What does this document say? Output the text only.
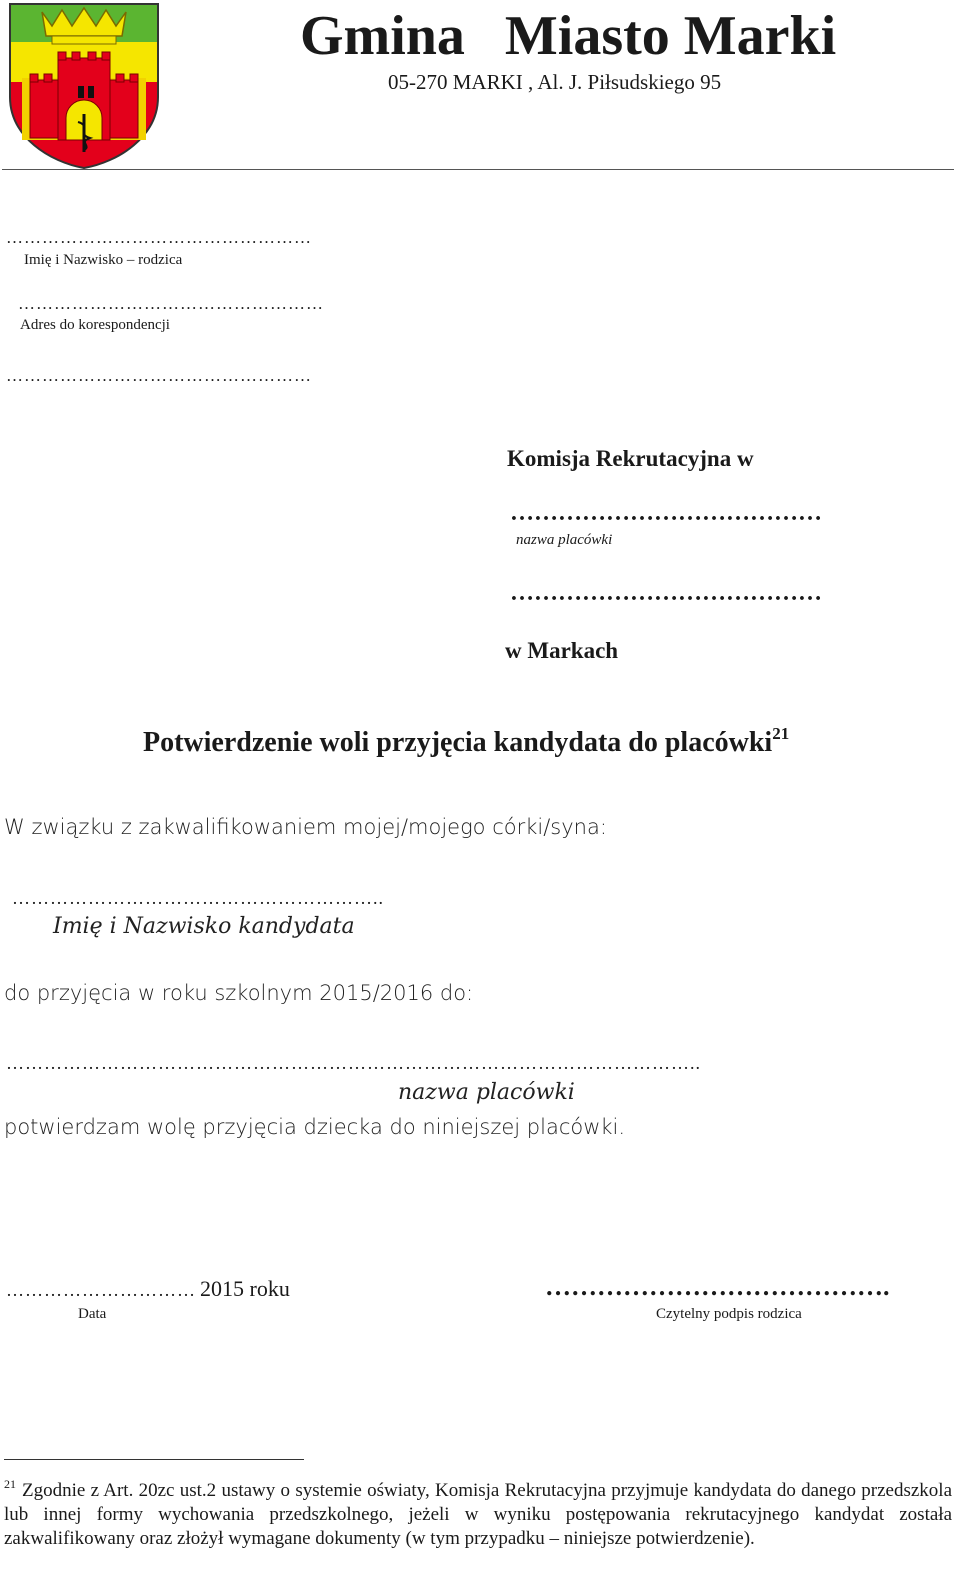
Gmina Miasto Marki
05-270 MARKI , Al. J. Piłsudskiego 95
……………………………………………
Imię i Nazwisko – rodzica
……………………………………………
Adres do korespondencji
……………………………………………
Komisja Rekrutacyjna w
…………………………………
nazwa placówki
…………………………………
w Markach
Potwierdzenie woli przyjęcia kandydata do placówki$^{21}$
W związku z zakwalifikowaniem mojej/mojego córki/syna:
…………………………………………………..
Imię i Nazwisko kandydata
do przyjęcia w roku szkolnym 2015/2016 do:
………………………………………………………………………………………………..
nazwa placówki
potwierdzam wolę przyjęcia dziecka do niniejszej placówki.
………………………… 2015 roku
Data
………………………………….
Czytelny podpis rodzica
$^{21}$ Zgodnie z Art. 20zc ust.2 ustawy o systemie oświaty, Komisja Rekrutacyjna przyjmuje kandydata do danego przedszkola lub innej formy wychowania przedszkolnego, jeżeli w wyniku postępowania rekrutacyjnego kandydat została zakwalifikowany oraz złożył wymagane dokumenty (w tym przypadku – niniejsze potwierdzenie).
